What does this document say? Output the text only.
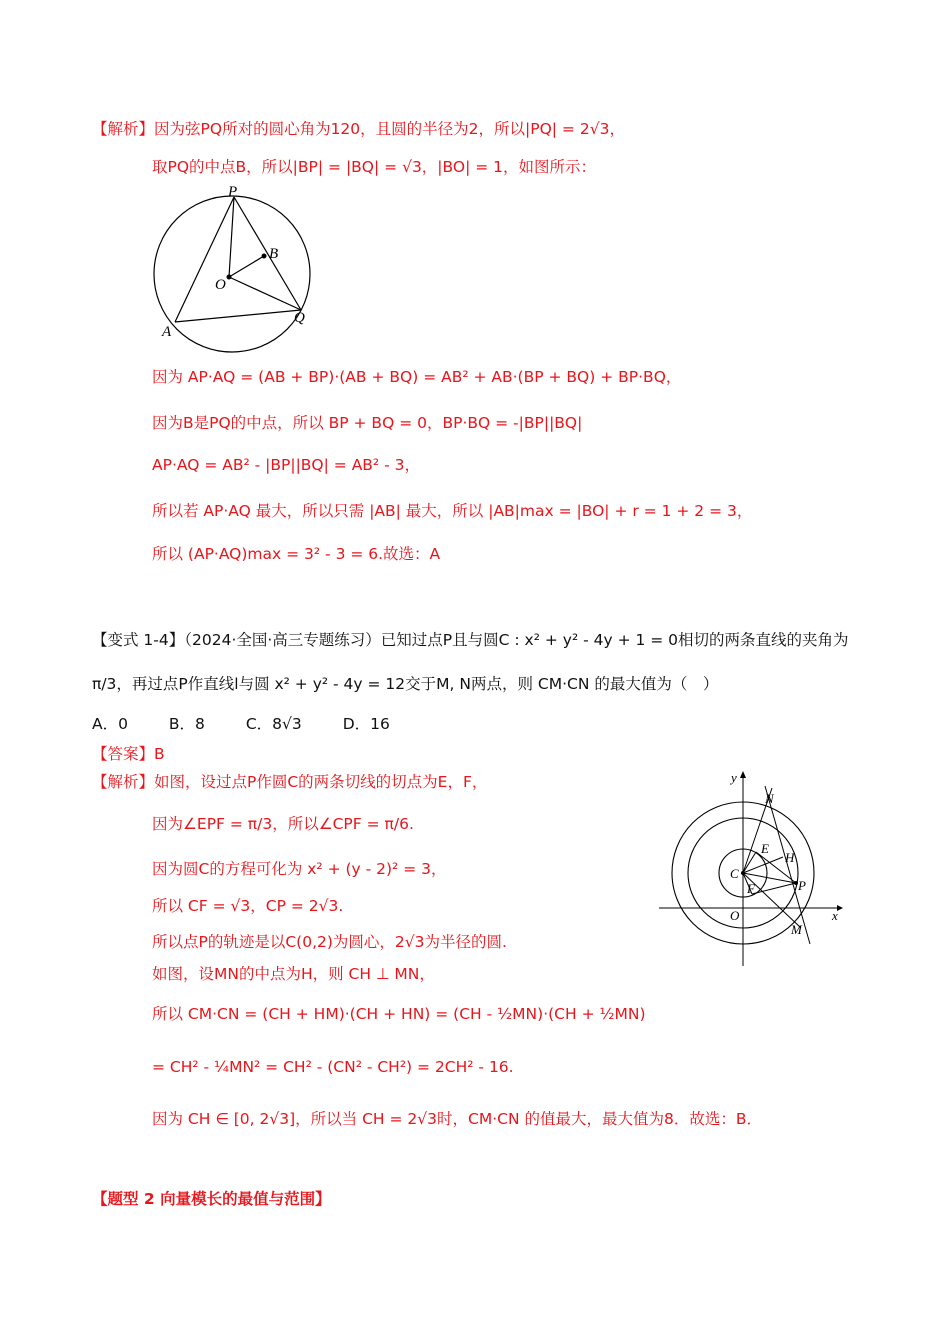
【解析】因为弦PQ所对的圆心角为120，且圆的半径为2，所以|PQ| = 2√3，
取PQ的中点B，所以|BP| = |BQ| = √3，|BO| = 1，如图所示：
P
B
O
A
Q
因为 AP·AQ = (AB + BP)·(AB + BQ) = AB² + AB·(BP + BQ) + BP·BQ，
因为B是PQ的中点，所以 BP + BQ = 0，BP·BQ = -|BP||BQ|
AP·AQ = AB² - |BP||BQ| = AB² - 3，
所以若 AP·AQ 最大，所以只需 |AB| 最大，所以 |AB|max = |BO| + r = 1 + 2 = 3，
所以 (AP·AQ)max = 3² - 3 = 6.故选：A
【变式 1-4】（2024·全国·高三专题练习）已知过点P且与圆C : x² + y² - 4y + 1 = 0相切的两条直线的夹角为
π/3，再过点P作直线l与圆 x² + y² - 4y = 12交于M, N两点，则 CM·CN 的最大值为（　）
A．0	B．8	C．8√3	D．16
【答案】B
【解析】如图，设过点P作圆C的两条切线的切点为E，F，
因为∠EPF = π/3，所以∠CPF = π/6.
因为圆C的方程可化为 x² + (y - 2)² = 3，
所以 CF = √3，CP = 2√3.
所以点P的轨迹是以C(0,2)为圆心，2√3为半径的圆.
如图，设MN的中点为H，则 CH ⊥ MN，
所以 CM·CN = (CH + HM)·(CH + HN) = (CH - ½MN)·(CH + ½MN)
= CH² - ¼MN² = CH² - (CN² - CH²) = 2CH² - 16.
因为 CH ∈ [0, 2√3]，所以当 CH = 2√3时，CM·CN 的值最大，最大值为8．故选：B．
y
x
N
E
H
C
F	P
O
M
【题型 2 向量模长的最值与范围】
